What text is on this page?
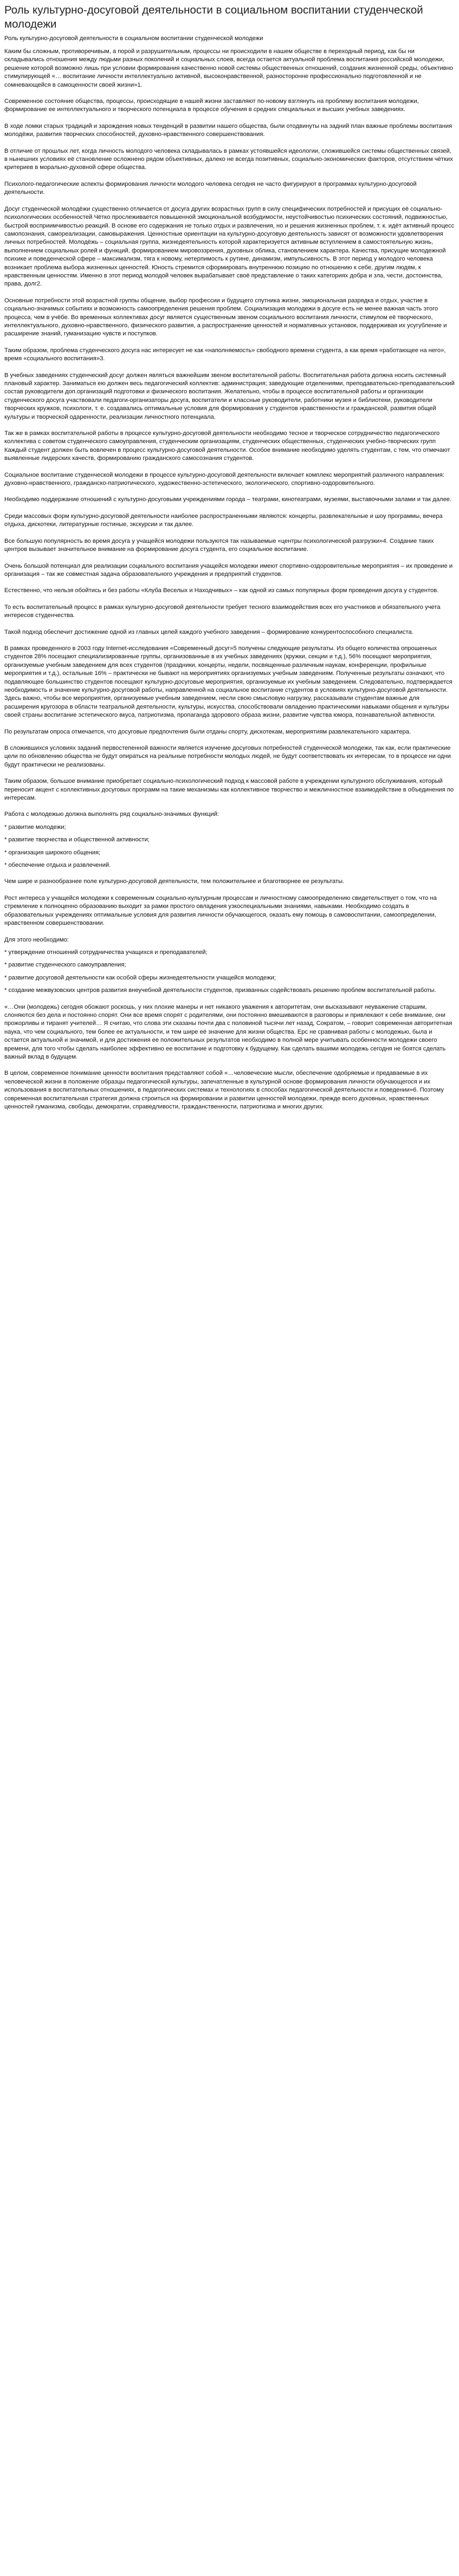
Роль культурно-досуговой деятельности в социальном воспитании студенческой молодежи
Роль культурно-досуговой деятельности в социальном воспитании студенческой молодежи

Каким бы сложным, противоречивым, а порой и разрушительным, процессы ни происходили в нашем обществе в переходный период, как бы ни складывались отношения между людьми разных поколений и социальных слоев, всегда остается актуальной проблема воспитания российской молодежи, решение которой возможно лишь при условии формирования качественно новой системы общественных отношений, создания жизненной среды, объективно стимулирующей «… воспитание личности интеллектуально активной, высоконравственной, разносторонне профессионально подготовленной и не сомневающейся в самоценности своей жизни»1.

Современное состояние общества, процессы, происходящие в нашей жизни заставляют по-новому взглянуть на проблему воспитания молодежи, формирование ее интеллектуального и творческого потенциала в процессе обучения в средних специальных и высших учебных заведениях.

В ходе ломки старых традиций и зарождения новых тенденций в развитии нашего общества, были отодвинуты на задний план важные проблемы воспитания молодёжи, развития творческих способностей, духовно-нравственного совершенствования.

В отличие от прошлых лет, когда личность молодого человека складывалась в рамках устоявшейся идеологии, сложившейся системы общественных связей, в нынешних условиях её становление осложнено рядом объективных, далеко не всегда позитивных, социально-экономических факторов, отсутствием чётких критериев в морально-духовной сфере общества.

Психолого-педагогические аспекты формирования личности молодого человека сегодня не часто фигурируют в программах культурно-досуговой деятельности.

Досуг студенческой молодёжи существенно отличается от досуга других возрастных групп в силу специфических потребностей и присущих её социально-психологических особенностей Чётко прослеживается повышенной эмоциональной возбудимости, неустойчивостью психических состояний, подвижностью, быстрой восприимчивостью реакций. В основе его содержания не только отдых и развлечения, но и решения жизненных проблем, т. к. идёт активный процесс самопознания, самореализации, самовыражения. Ценностные ориентации на культурно-досуговую деятельность зависят от возможности удовлетворения личных потребностей. Молодёжь – социальная группа, жизнедеятельность которой характеризуется активным вступлением в самостоятельную жизнь, выполнением социальных ролей и функций, формированием мировоззрения, духовных облика, становлением характера. Качества, присущие молодежной психике и поведенческой сфере – максимализм, тяга к новому, нетерпимость к рутине, динамизм, импульсивность. В этот период у молодого человека возникает проблема выбора жизненных ценностей. Юность стремится сформировать внутреннюю позицию по отношению к себе, другим людям, к нравственным ценностям. Именно в этот период молодой человек вырабатывает своё представление о таких категориях добра и зла, чести, достоинства, права, долг2.

Основные потребности этой возрастной группы общение, выбор профессии и будущего спутника жизни, эмоциональная разрядка и отдых, участие в социально-значимых событиях и возможность самоопределения решения проблем. Социализация молодежи в досуге есть не менее важная часть этого процесса, чем в учёбе. Во временных коллективах досуг является существенным звеном социального воспитания личности, стимулом её творческого, интеллектуального, духовно-нравственного, физического развития, а распространение ценностей и нормативных установок, поддерживая их усугубление и расширение знаний, гуманизацию чувств и поступков.

Таким образом, проблема студенческого досуга нас интересует не как «наполняемость» свободного времени студента, а как время «работающее на него», время «социального воспитания»3.

В учебных заведениях студенческий досуг должен являться важнейшим звеном воспитательной работы. Воспитательная работа должна носить системный плановый характер. Заниматься ею должен весь педагогический коллектив: администрация; заведующие отделениями, преподавательско-преподавательский состав руководители доп.организаций подготовки и физического воспитания. Желательно, чтобы в процессе воспитательной работы и организации студенческого досуга участвовали педагоги-организаторы досуга, воспитатели и классные руководители, работники музея и библиотеки, руководители творческих кружков, психологи, т. е. создавались оптимальные условия для формирования у студентов нравственности и гражданской, развития общей культуры и творческой одаренности, реализации личностного потенциала.

Так же в рамках воспитательной работы в процессе культурно-досуговой деятельности необходимо тесное и творческое сотрудничество педагогического коллектива с советом студенческого самоуправления, студенческим организациям, студенческих общественных, студенческих учебно-творческих групп Каждый студент должен быть вовлечен в процесс культурно-досуговой деятельности. Особое внимание необходимо уделять студентам, с тем, что отмечают выявленные лидерских качеств, формированию гражданского самосознания студентов.

Социальное воспитание студенческой молодежи в процессе культурно-досуговой деятельности включает комплекс мероприятий различного направления: духовно-нравственного, гражданско-патриотического, художественно-эстетического, экологического, спортивно-оздоровительного.

Необходимо поддержание отношений с культурно-досуговыми учреждениями города – театрами, кинотеатрами, музеями, выставочными залами и так далее.

Среди массовых форм культурно-досуговой деятельности наиболее распространенными являются: концерты, развлекательные и шоу программы, вечера отдыха, дискотеки, литературные гостиные, экскурсии и так далее.

Все большую популярность во время досуга у учащейся молодежи пользуются так называемые «центры психологической разгрузки»4. Создание таких центров вызывает значительное внимание на формирование досуга студента, его социальное воспитание.

Очень большой потенциал для реализации социального воспитания учащейся молодежи имеют спортивно-оздоровительные мероприятия – их проведение и организация – так же совместная задача образовательного учреждения и предприятий студентов.

Естественно, что нельзя обойтись и без работы «Клуба Веселых и Находчивых» – как одной из самых популярных форм проведения досуга у студентов.

То есть воспитательный процесс в рамках культурно-досуговой деятельности требует тесного взаимодействия всех его участников и обязательного учета интересов студенчества.

Такой подход обеспечит достижение одной из главных целей каждого учебного заведения – формирование конкурентоспособного специалиста.

В рамках проведенного в 2003 году Internet-исследования «Современный досуг»5 получены следующие результаты. Из общего количества опрошенных студентов 28% посещают специализированные группы, организованные в их учебных заведениях (кружки, секции и т.д.), 56% посещают мероприятия, организуемые учебным заведением для всех студентов (праздники, концерты, недели, посвященные различным наукам, конференции, профильные мероприятия и т.д.), остальные 16% – практически не бывают на мероприятиях организуемых учебным заведениям. Полученные результаты означают, что подавляющее большинство студентов посещают культурно-досуговые мероприятия, организуемые их учебным заведением. Следовательно, подтверждается необходимость и значение культурно-досуговой работы, направленной на социальное воспитание студентов в условиях культурно-досуговой деятельности. Здесь важно, чтобы все мероприятия, организуемые учебным заведением, несли свою смысловую нагрузку, рассказывали студентам важные для расширения кругозора в области театральной деятельности, культуры, искусства, способствовали овладению практическими навыками общения и культуры своей страны воспитание эстетического вкуса, патриотизма, пропаганда здорового образа жизни, развитие чувства юмора, познавательной активности.

По результатам опроса отмечается, что досуговые предпочтения были отданы спорту, дискотекам, мероприятиям развлекательного характера.

В сложившихся условиях заданий первостепенной важности является изучение досуговых потребностей студенческой молодежи, так как, если практические цели по обновлению общества не будут опираться на реальные потребности молодых людей, не будут соответствовать их интересам, то в процессе ни одни будут практически не реализованы.

Таким образом, большое внимание приобретает социально-психологический подход к массовой работе в учреждении культурного обслуживания, который переносит акцент с коллективных досуговых программ на такие механизмы как коллективное творчество и межличностное взаимодействие в объединения по интересам.

Работа с молодежью должна выполнять ряд социально-значимых функций:

* развитие молодежи;

* развитие творчества и общественной активности;

* организация широкого общения;

* обеспечение отдыха и развлечений.

Чем шире и разнообразнее поле культурно-досуговой деятельности, тем положительнее и благотворнее ее результаты.

Рост интереса у учащейся молодежи к современным социально-культурным процессам и личностному самоопределению свидетельствует о том, что на стремление к полноценно образованию выходит за рамки простого овладения узкоспециальными знаниями, навыками. Необходимо создать в образовательных учреждениях оптимальные условия для развития личности обучающегося, оказать ему помощь в самовоспитании, самоопределении, нравственном совершенствовании.

Для этого необходимо:

* утверждение отношений сотрудничества учащихся и преподавателей;

* развитие студенческого самоуправления;

* развитие досуговой деятельности как особой сферы жизнедеятельности учащейся молодежи;

* создание межвузовских центров развития внеучебной деятельности студентов, призванных содействовать решению проблем воспитательной работы.

«…Они (молодежь) сегодня обожают роскошь, у них плохие манеры и нет никакого уважения к авторитетам, они высказывают неуважение старшим, слоняются без дела и постоянно спорят. Они все время спорят с родителями, они постоянно вмешиваются в разговоры и привлекают к себе внимание, они прожорливы и тиранят учителей… Я считаю, что слова эти сказаны почти два с половиной тысячи лет назад, Сократом, – говорит современная авторитетная наука, что чем социального, тем более ее актуальности, и тем шире её значение для жизни общества. Ерс не сравнивая работы с молодежью, была и остается актуальной и значимой, и для достижения ее положительных результатов необходимо в полной мере учитывать особенности молодежи своего времени, для того чтобы сделать наиболее эффективно ее воспитание и подготовку к будущему. Как сделать вашими молодежь сегодня не боятся сделать важный вклад в будущем.

В целом, современное понимание ценности воспитания представляют собой «…человеческие мысли, обеспечение одобряемые и предаваемые в их человеческой жизни в положение образцы педагогической культуры, запечатленные в культурной основе формирования личности обучающегося и их использования в воспитательных отношениях, в педагогических системах и технологиях в способах педагогической деятельности и поведении»6. Поэтому современная воспитательная стратегия должна строиться на формировании и развитии ценностей молодежи, прежде всего духовных, нравственных ценностей гуманизма, свободы, демократии, справедливости, гражданственности, патриотизма и многих других.
